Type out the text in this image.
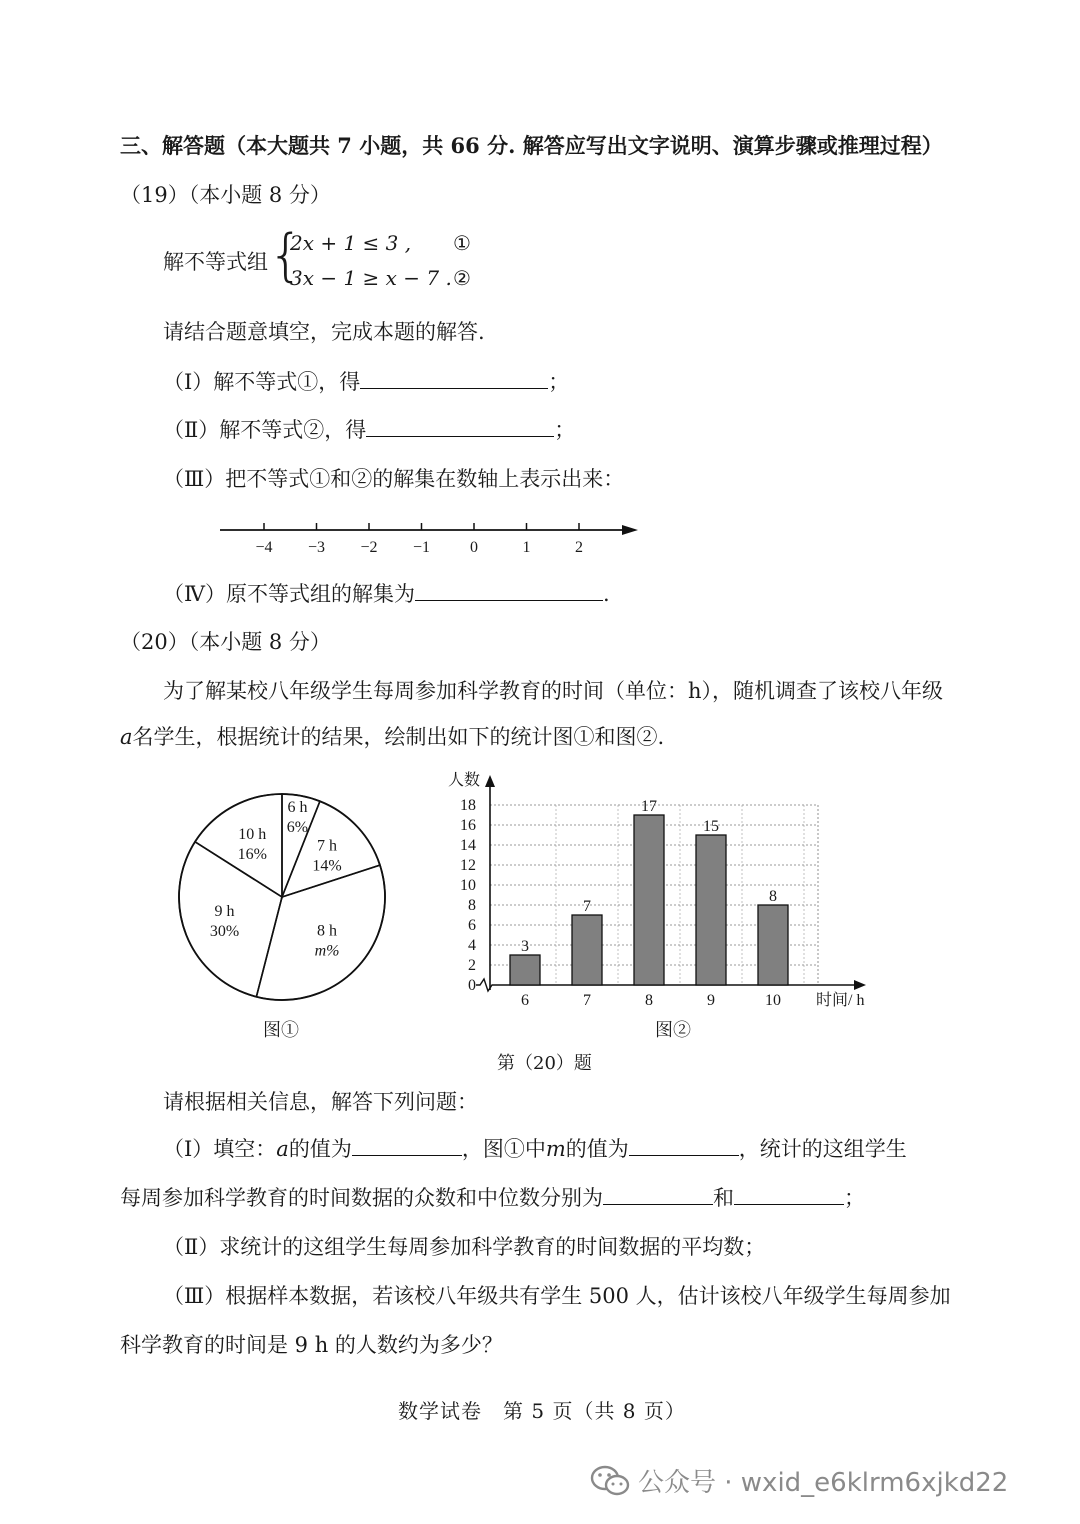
三、解答题（本大题共 7 小题，共 66 分. 解答应写出文字说明、演算步骤或推理过程）
（19）（本小题 8 分）
解不等式组 {
2x + 1 ≤ 3 , ①
3x − 1 ≥ x − 7 . ②
请结合题意填空，完成本题的解答.
（Ⅰ）解不等式①，得	；
（Ⅱ）解不等式②，得	；
（Ⅲ）把不等式①和②的解集在数轴上表示出来：
−4 −3 −2 −1 0	1	2
（Ⅳ）原不等式组的解集为	.
（20）（本小题 8 分）
为了解某校八年级学生每周参加科学教育的时间（单位：h），随机调查了该校八年级
a名学生，根据统计的结果，绘制出如下的统计图①和图②.
6 h
6%
7 h
14%
8 h
m%
9 h
30%
10 h
16%
图①
0
2
4
6
8
10
12
14
16
18
人数
时间/ h
3
6
7
7
17
8
15
9
8
10
图②
第（20）题
请根据相关信息，解答下列问题：
（Ⅰ）填空：a的值为	，图①中m的值为	，统计的这组学生
每周参加科学教育的时间数据的众数和中位数分别为	和	；
（Ⅱ）求统计的这组学生每周参加科学教育的时间数据的平均数；
（Ⅲ）根据样本数据，若该校八年级共有学生 500 人，估计该校八年级学生每周参加
科学教育的时间是 9 h 的人数约为多少？
数学试卷　第 5 页（共 8 页）
公众号 · wxid_e6klrm6xjkd22
